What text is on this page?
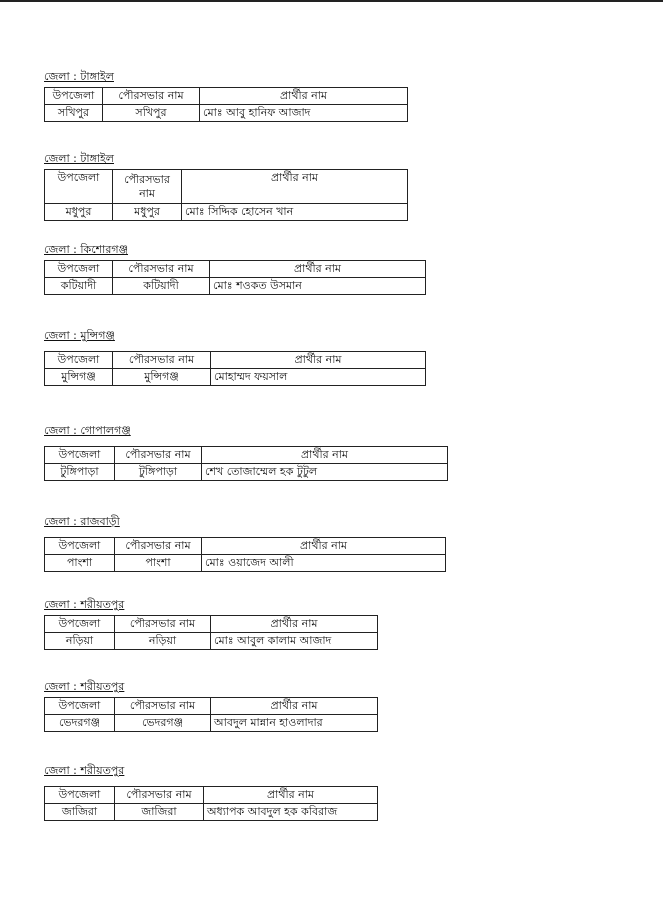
জেলা : টাঙ্গাইল
উপজেলা	পৌরসভার নাম	প্রার্থীর নাম
সখিপুর	সখিপুর	মোঃ আবু হানিফ আজাদ
জেলা : টাঙ্গাইল
উপজেলা	পৌরসভার নাম	প্রার্থীর নাম
মধুপুর	মধুপুর	মোঃ সিদ্দিক হোসেন খান
জেলা : কিশোরগঞ্জ
উপজেলা	পৌরসভার নাম	প্রার্থীর নাম
কটিয়াদী	কটিয়াদী	মোঃ শওকত উসমান
জেলা : মুন্সিগঞ্জ
উপজেলা	পৌরসভার নাম	প্রার্থীর নাম
মুন্সিগঞ্জ	মুন্সিগঞ্জ	মোহাম্মদ ফয়সাল
জেলা : গোপালগঞ্জ
উপজেলা	পৌরসভার নাম	প্রার্থীর নাম
টুঙ্গিপাড়া	টুঙ্গিপাড়া	শেখ তোজাম্মেল হক টুটুল
জেলা : রাজবাড়ী
উপজেলা	পৌরসভার নাম	প্রার্থীর নাম
পাংশা	পাংশা	মোঃ ওয়াজেদ আলী
জেলা : শরীয়তপুর
উপজেলা	পৌরসভার নাম	প্রার্থীর নাম
নড়িয়া	নড়িয়া	মোঃ আবুল কালাম আজাদ
জেলা : শরীয়তপুর
উপজেলা	পৌরসভার নাম	প্রার্থীর নাম
ভেদরগঞ্জ	ভেদরগঞ্জ	আবদুল মান্নান হাওলাদার
জেলা : শরীয়তপুর
উপজেলা	পৌরসভার নাম	প্রার্থীর নাম
জাজিরা	জাজিরা	অধ্যাপক আবদুল হক কবিরাজ
